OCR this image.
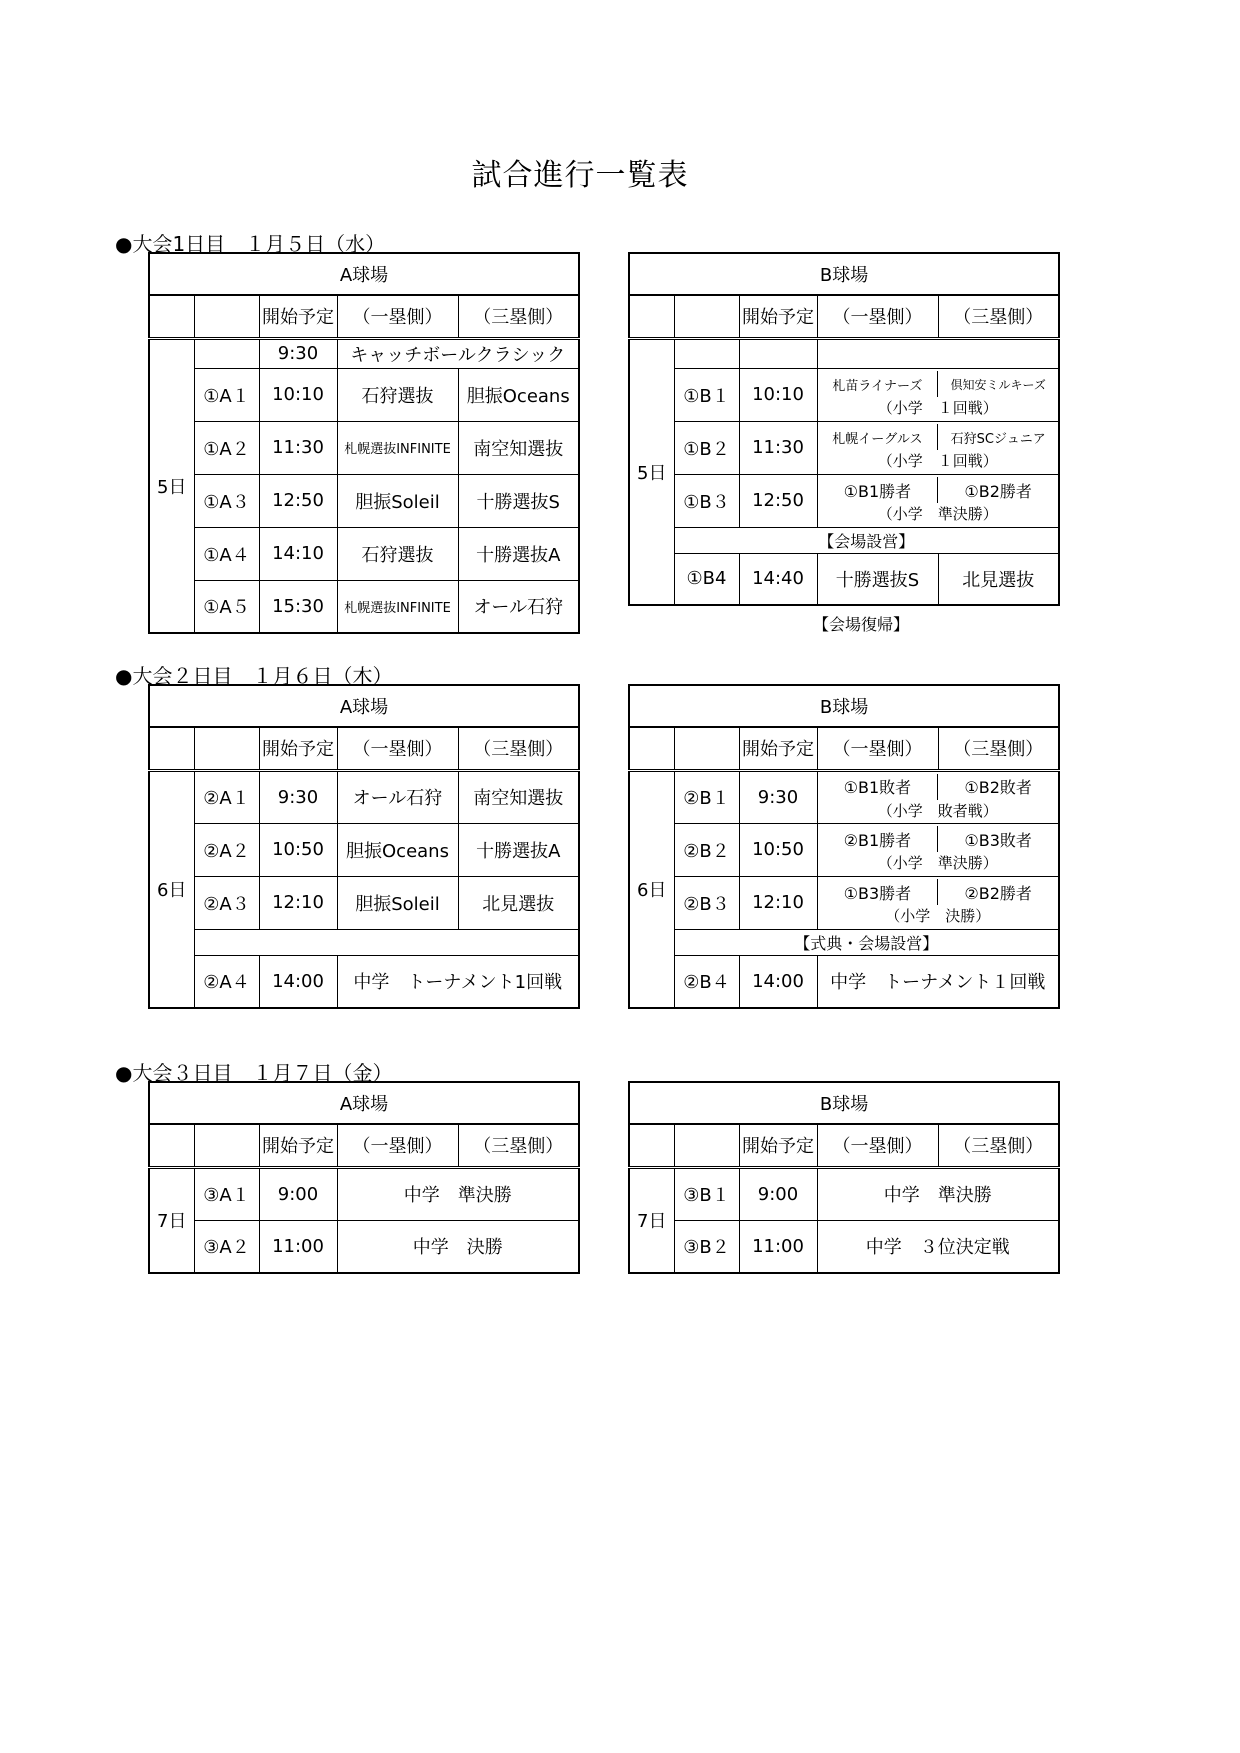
試合進行一覧表
●大会1日目　１月５日（水）
A球場				
		開始予定	（一塁側）	（三塁側）
5日		9:30	キャッチボールクラシック	
	①A１	10:10	石狩選抜	胆振Oceans
	①A２	11:30	札幌選抜INFINITE	南空知選抜
	①A３	12:50	胆振Soleil	十勝選抜S
	①A４	14:10	石狩選抜	十勝選抜A
	①A５	15:30	札幌選抜INFINITE	オール石狩
B球場				
		開始予定	（一塁側）	（三塁側）
5日				
	①B１	10:10	札苗ライナーズ 倶知安ミルキーズ
（小学　１回戦）	

	①B２	11:30	札幌イーグルス 石狩SCジュニア
（小学　１回戦）	

	①B３	12:50	①B1勝者 ①B2勝者
（小学　準決勝）	

	【会場設営】			
	①B4	14:40	十勝選抜S	北見選抜
【会場復帰】
●大会２日目　１月６日（木）
A球場				
		開始予定	（一塁側）	（三塁側）
6日	②A１	9:30	オール石狩	南空知選抜
	②A２	10:50	胆振Oceans	十勝選抜A
	②A３	12:10	胆振Soleil	北見選抜

	②A４	14:00	中学　トーナメント1回戦	
B球場				
		開始予定	（一塁側）	（三塁側）
6日	②B１	9:30	①B1敗者 ①B2敗者
（小学　敗者戦）	

	②B２	10:50	②B1勝者 ①B3敗者
（小学　準決勝）	

	②B３	12:10	①B3勝者 ②B2勝者
（小学　決勝）	

	【式典・会場設営】			
	②B４	14:00	中学　トーナメント１回戦	
●大会３日目　１月７日（金）
A球場				
		開始予定	（一塁側）	（三塁側）
7日	③A１	9:00	中学　準決勝	
	③A２	11:00	中学　決勝	
B球場				
		開始予定	（一塁側）	（三塁側）
7日	③B１	9:00	中学　準決勝	
	③B２	11:00	中学　３位決定戦	
